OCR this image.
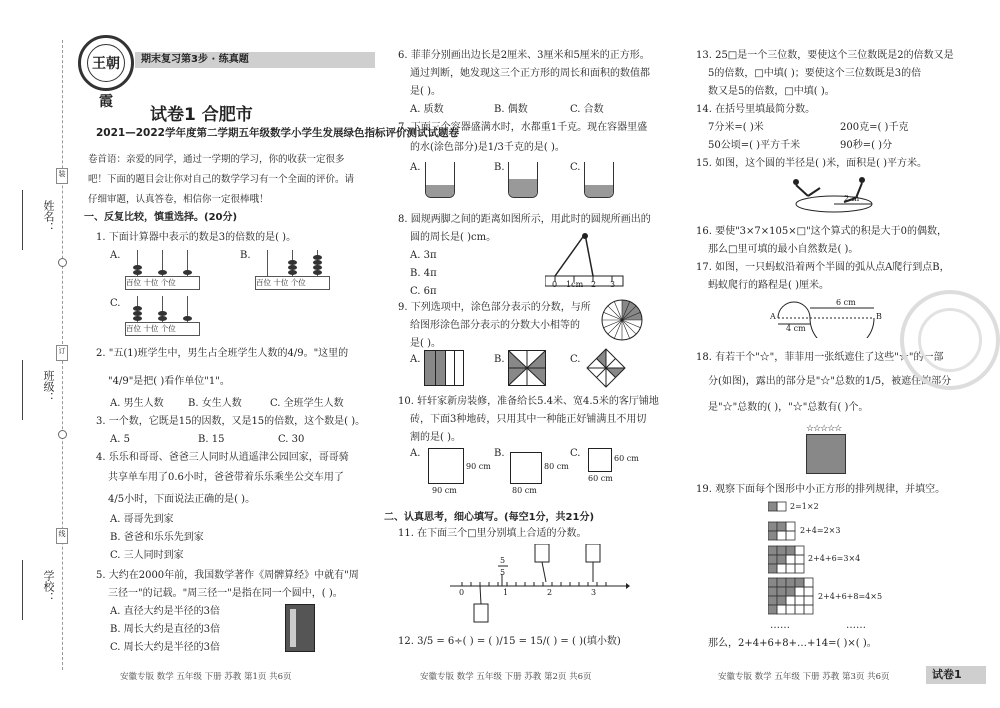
姓名：
班级：
学校：
装
订
线
王朝霞
期末复习第3步 · 练真题
试卷1 合肥市
2021—2022学年度第二学期五年级数学小学生发展绿色指标评价测试试题卷
卷首语：亲爱的同学，通过一学期的学习，你的收获一定很多吧！下面的题目会让你对自己的数学学习有一个全面的评价。请仔细审题，认真答卷，相信你一定很棒哦！
一、反复比较，慎重选择。(20分)
1. 下面计算器中表示的数是3的倍数的是( )。
A.	B.
C.
百位 十位 个位	百位 十位 个位
百位 十位 个位
2. "五(1)班学生中，男生占全班学生人数的4/9。"这里的
"4/9"是把( )看作单位"1"。
A. 男生人数 B. 女生人数	C. 全班学生人数
3. 一个数，它既是15的因数，又是15的倍数，这个数是( )。
A. 5	B. 15	C. 30
4. 乐乐和哥哥、爸爸三人同时从逍遥津公园回家，哥哥骑
共享单车用了0.6小时，爸爸带着乐乐乘坐公交车用了
4/5小时，下面说法正确的是( )。
A. 哥哥先到家
B. 爸爸和乐乐先到家
C. 三人同时到家
5. 大约在2000年前，我国数学著作《周髀算经》中就有"周
三径一"的记载。"周三径一"是指在同一个圆中，( )。
A. 直径大约是半径的3倍
B. 周长大约是直径的3倍
C. 周长大约是半径的3倍
安徽专版 数学 五年级 下册 苏教 第1页 共6页
6. 菲菲分别画出边长是2厘米、3厘米和5厘米的正方形。
通过判断，她发现这三个正方形的周长和面积的数值都
是( )。
A. 质数	B. 偶数	C. 合数
7. 下面三个容器盛满水时，水都重1千克。现在容器里盛
的水(涂色部分)是1/3千克的是( )。
A.	B.	C.
8. 圆规两脚之间的距离如图所示，用此时的圆规所画出的
圆的周长是( )cm。
A. 3π
B. 4π
C. 6π
0 1cm 2 3
9. 下列选项中，涂色部分表示的分数，与所
给图形涂色部分表示的分数大小相等的
是( )。
A.	B.	C.
10. 轩轩家新房装修，准备给长5.4米、宽4.5米的客厅铺地
砖，下面3种地砖，只用其中一种能正好铺满且不用切
割的是( )。
A.	B.	C.
90 cm
90 cm
80 cm
80 cm
60 cm
60 cm
二、认真思考，细心填写。(每空1分，共21分)
11. 在下面三个□里分别填上合适的分数。
5
5
0	1	2	3
12. 3/5 = 6÷( ) = ( )/15 = 15/( ) = ( )(填小数)
安徽专版 数学 五年级 下册 苏教 第2页 共6页
13. 25□是一个三位数，要使这个三位数既是2的倍数又是
5的倍数，□中填( )；要使这个三位数既是3的倍
数又是5的倍数，□中填( )。
14. 在括号里填最简分数。
7分米=( )米	200克=( )千克
50公顷=( )平方千米	90秒=( )分
15. 如图，这个圆的半径是( )米，面积是( )平方米。
2 m
16. 要使"3×7×105×□"这个算式的积是大于0的偶数，
那么□里可填的最小自然数是( )。
17. 如图，一只蚂蚁沿着两个半圆的弧从点A爬行到点B，
蚂蚁爬行的路程是( )厘米。
A	B
4 cm
6 cm
18. 有若干个"☆"，菲菲用一张纸遮住了这些"☆"的一部
分(如图)，露出的部分是"☆"总数的1/5，被遮住的部分
是"☆"总数的( )，"☆"总数有( )个。
☆☆☆☆☆
19. 观察下面每个图形中小正方形的排列规律，并填空。
2=1×2
2+4=2×3
2+4+6=3×4
2+4+6+8=4×5
……	……
那么，2+4+6+8+…+14=( )×( )。
安徽专版 数学 五年级 下册 苏教 第3页 共6页	试卷1
